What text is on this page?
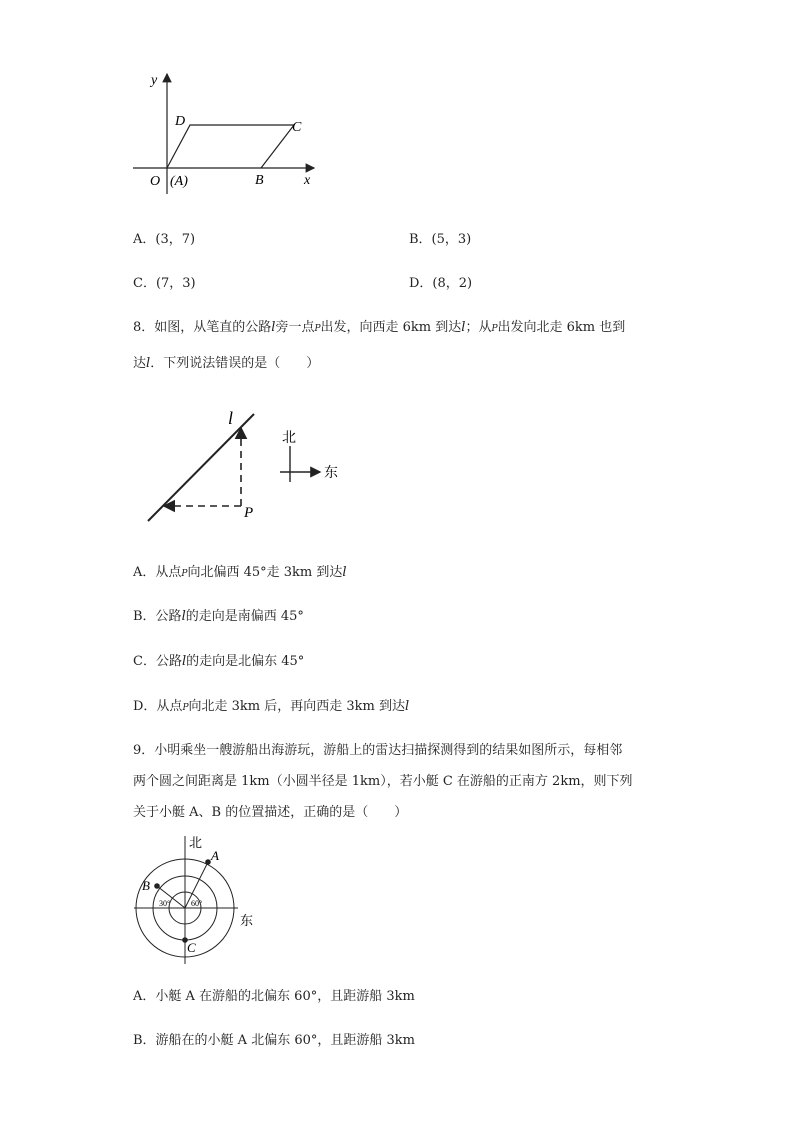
y
x
O (A)	B
C
D
A．(3，7)	B．(5，3)
C．(7，3)	D．(8，2)
8．如图，从笔直的公路l旁一点P出发，向西走 6km 到达l；从P出发向北走 6km 也到
达l．下列说法错误的是（　　）
l
P
北
东
A．从点P向北偏西 45°走 3km 到达l
B．公路l的走向是南偏西 45°
C．公路l的走向是北偏东 45°
D．从点P向北走 3km 后，再向西走 3km 到达l
9．小明乘坐一艘游船出海游玩，游船上的雷达扫描探测得到的结果如图所示，每相邻
两个圆之间距离是 1km（小圆半径是 1km），若小艇 C 在游船的正南方 2km，则下列
关于小艇 A、B 的位置描述，正确的是（　　）
北
东
A
B
C
30°	60°
A．小艇 A 在游船的北偏东 60°，且距游船 3km
B．游船在的小艇 A 北偏东 60°，且距游船 3km
